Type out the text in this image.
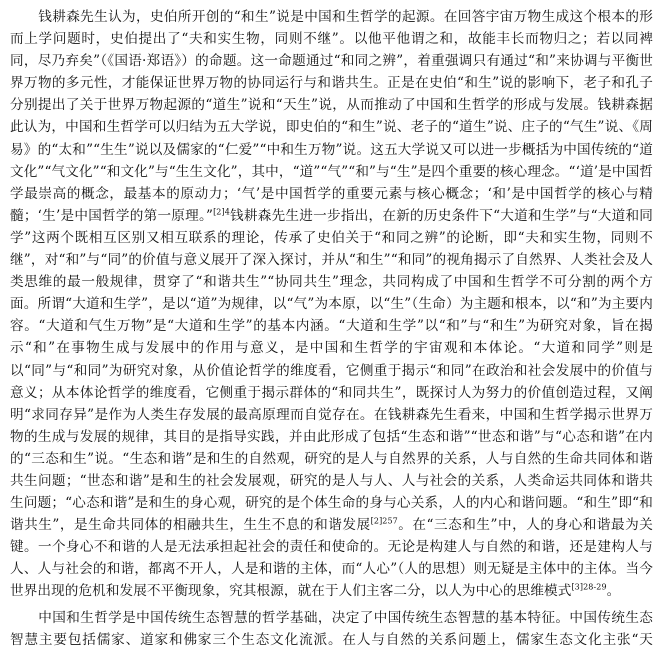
钱耕森先生认为，史伯所开创的“和生”说是中国和生哲学的起源。在回答宇宙万物生成这个根本的形而上学问题时，史伯提出了“夫和实生物，同则不继”。以他平他谓之和，故能丰长而物归之；若以同裨同，尽乃弃矣”（《国语·郑语》）的命题。这一命题通过“和同之辨”，着重强调只有通过“和”来协调与平衡世界万物的多元性，才能保证世界万物的协同运行与和谐共生。正是在史伯“和生”说的影响下，老子和孔子分别提出了关于世界万物起源的“道生”说和“天生”说，从而推动了中国和生哲学的形成与发展。钱耕森据此认为，中国和生哲学可以归结为五大学说，即史伯的“和生”说、老子的“道生”说、庄子的“气生”说、《周易》的“太和”“生生”说以及儒家的“仁爱”“中和生万物”说。这五大学说又可以进一步概括为中国传统的“道文化”“气文化”“和文化”与“生生文化”，其中，“道”“气”“和”与“生”是四个重要的核心理念。“‘道’是中国哲学最崇高的概念，最基本的原动力；‘气’是中国哲学的重要元素与核心概念；‘和’是中国哲学的核心与精髓；‘生’是中国哲学的第一原理。”$^{[2]4}$钱耕森先生进一步指出，在新的历史条件下“大道和生学”与“大道和同学”这两个既相互区别又相互联系的理论，传承了史伯关于“和同之辨”的论断，即“夫和实生物，同则不继”，对“和”与“同”的价值与意义展开了深入探讨，并从“和生”“和同”的视角揭示了自然界、人类社会及人类思维的最一般规律，贯穿了“和谐共生”“协同共生”理念，共同构成了中国和生哲学不可分割的两个方面。所谓“大道和生学”，是以“道”为规律，以“气”为本原，以“生”（生命）为主题和根本，以“和”为主要内容。“大道和气生万物”是“大道和生学”的基本内涵。“大道和生学”以“和”与“和生”为研究对象，旨在揭示“和”在事物生成与发展中的作用与意义，是中国和生哲学的宇宙观和本体论。“大道和同学”则是以“同”与“和同”为研究对象，从价值论哲学的维度看，它侧重于揭示“和同”在政治和社会发展中的价值与意义；从本体论哲学的维度看，它侧重于揭示群体的“和同共生”，既探讨人为努力的价值创造过程，又阐明“求同存异”是作为人类生存发展的最高原理而自觉存在。在钱耕森先生看来，中国和生哲学揭示世界万物的生成与发展的规律，其目的是指导实践，并由此形成了包括“生态和谐”“世态和谐”与“心态和谐”在内的“三态和生”说。“生态和谐”是和生的自然观，研究的是人与自然界的关系，人与自然的生命共同体和谐共生问题；“世态和谐”是和生的社会发展观，研究的是人与人、人与社会的关系，人类命运共同体和谐共生问题；“心态和谐”是和生的身心观，研究的是个体生命的身与心关系，人的内心和谐问题。“和生”即“和谐共生”，是生命共同体的相融共生，生生不息的和谐发展$^{[2]257}$。在“三态和生”中，人的身心和谐最为关键。一个身心不和谐的人是无法承担起社会的责任和使命的。无论是构建人与自然的和谐，还是建构人与人、人与社会的和谐，都离不开人，人是和谐的主体，而“人心”（人的思想）则无疑是主体中的主体。当今世界出现的危机和发展不平衡现象，究其根源，就在于人们主客二分，以人为中心的思维模式$^{[3]28-29}$。

中国和生哲学是中国传统生态智慧的哲学基础，决定了中国传统生态智慧的基本特征。中国传统生态智慧主要包括儒家、道家和佛家三个生态文化流派。在人与自然的关系问题上，儒家生态文化主张“天
